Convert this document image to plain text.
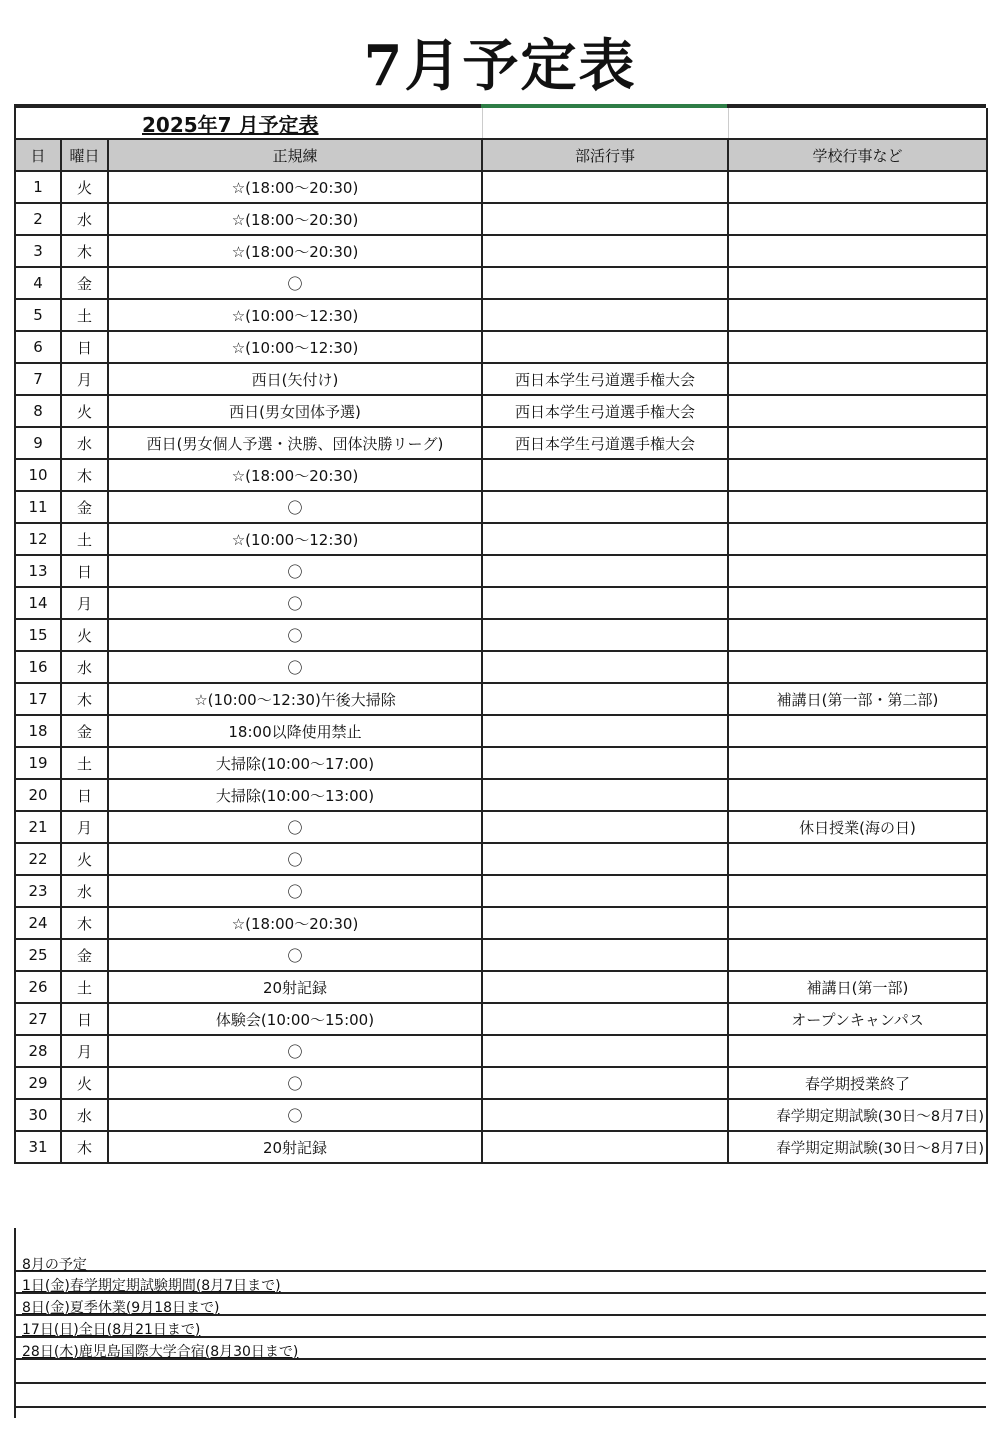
7月予定表
2025年7 月予定表				
日	曜日	正規練	部活行事	学校行事など
1	火	☆(18:00～20:30)		
2	水	☆(18:00～20:30)		
3	木	☆(18:00～20:30)		
4	金	〇		
5	土	☆(10:00～12:30)		
6	日	☆(10:00～12:30)		
7	月	西日(矢付け)	西日本学生弓道選手権大会	
8	火	西日(男女団体予選)	西日本学生弓道選手権大会	
9	水	西日(男女個人予選・決勝、団体決勝リーグ)	西日本学生弓道選手権大会	
10	木	☆(18:00～20:30)		
11	金	〇		
12	土	☆(10:00～12:30)		
13	日	〇		
14	月	〇		
15	火	〇		
16	水	〇		
17	木	☆(10:00～12:30)午後大掃除		補講日(第一部・第二部)
18	金	18:00以降使用禁止		
19	土	大掃除(10:00～17:00)		
20	日	大掃除(10:00～13:00)		
21	月	〇		休日授業(海の日)
22	火	〇		
23	水	〇		
24	木	☆(18:00～20:30)		
25	金	〇		
26	土	20射記録		補講日(第一部)
27	日	体験会(10:00～15:00)		オープンキャンパス
28	月	〇		
29	火	〇		春学期授業終了
30	水	〇		春学期定期試験(30日～8月7日)
31	木	20射記録		春学期定期試験(30日～8月7日)
8月の予定
1日(金)春学期定期試験期間(8月7日まで)
8日(金)夏季休業(9月18日まで)
17日(日)全日(8月21日まで)
28日(木)鹿児島国際大学合宿(8月30日まで)
